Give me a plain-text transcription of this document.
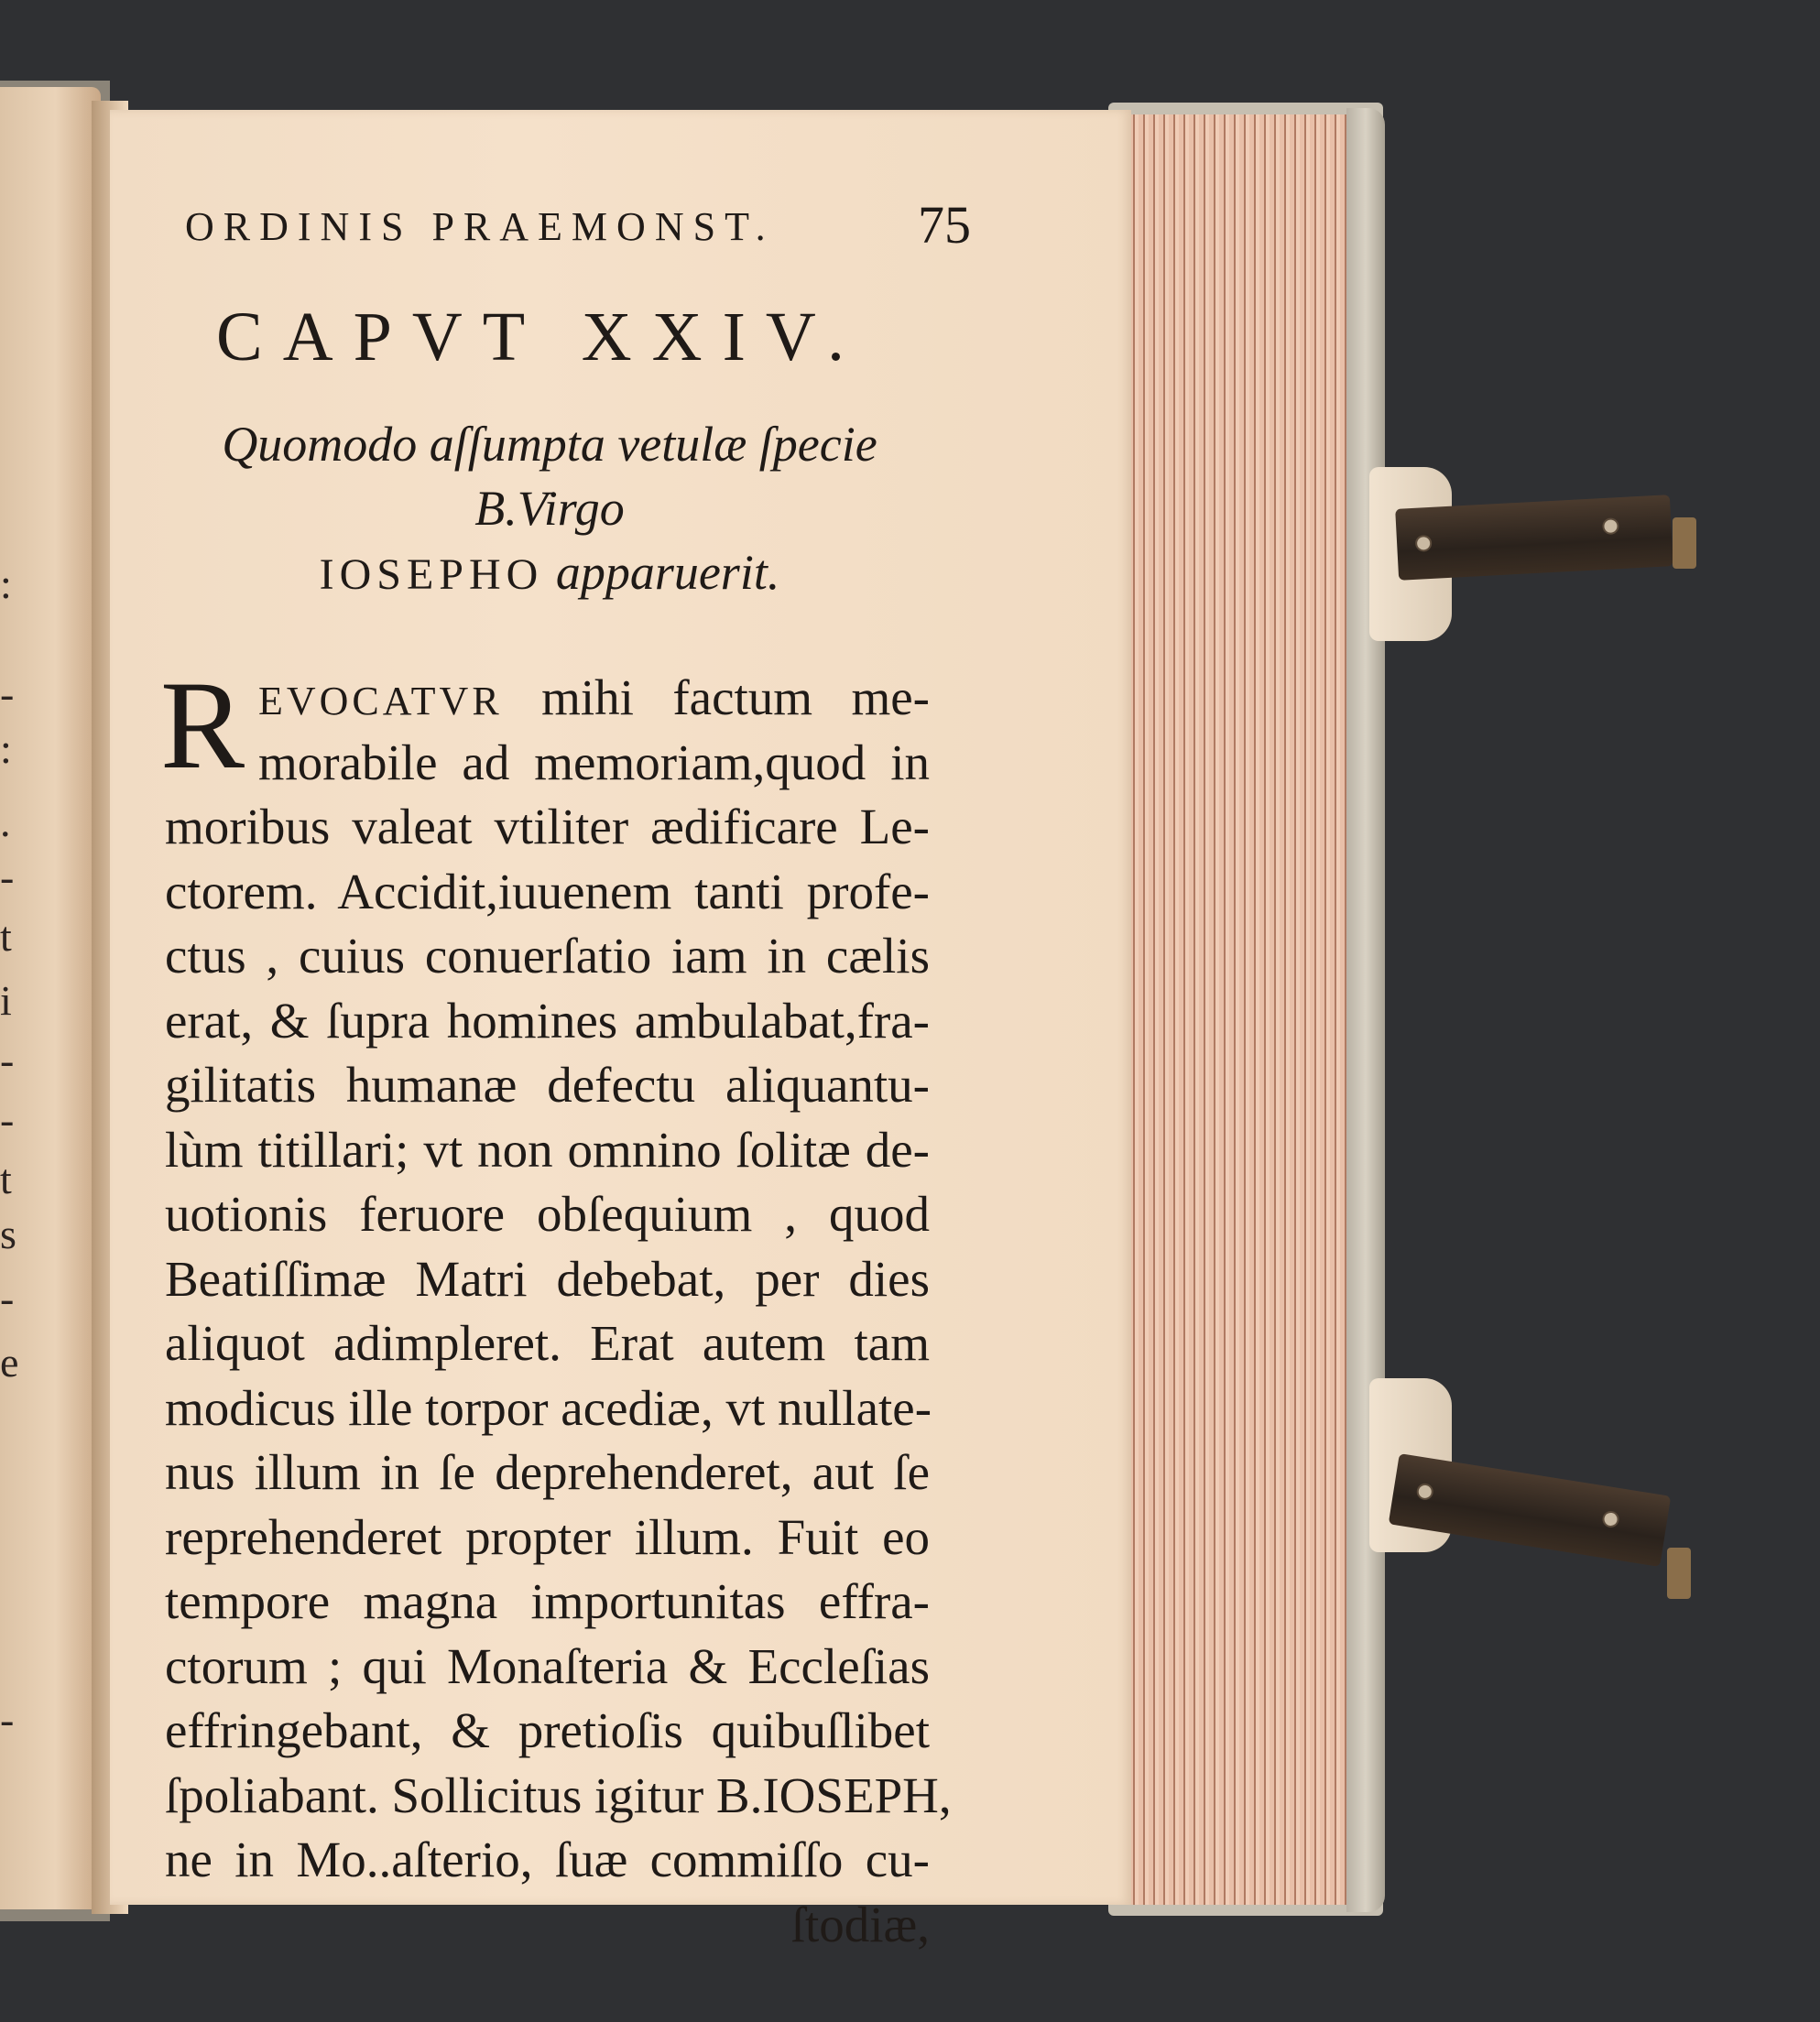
:
-
:
.
-
t
i
-
-
t
s
-
e
-
ORDINIS PRAEMONST.	75
CAPVT XXIV.
Quomodo aſſumpta vetulæ ſpecie B.Virgo
IOSEPHO apparuerit.
R EVOCATVR mihi factum me-
morabile ad memoriam,quod in
moribus valeat vtiliter ædificare Le-
ctorem. Accidit,iuuenem tanti profe-
ctus , cuius conuerſatio iam in cælis
erat, & ſupra homines ambulabat,fra-
gilitatis humanæ defectu aliquantu-
lùm titillari; vt non omnino ſolitæ de-
uotionis feruore obſequium , quod
Beatiſſimæ Matri debebat, per dies
aliquot adimpleret. Erat autem tam
modicus ille torpor acediæ, vt nullate-
nus illum in ſe deprehenderet, aut ſe
reprehenderet propter illum. Fuit eo
tempore magna importunitas effra-
ctorum ; qui Monaſteria & Eccleſias
effringebant, & pretioſis quibuſlibet
ſpoliabant. Sollicitus igitur B.IOSEPH,
ne in Mo..aſterio, ſuæ commiſſo cu-
ſtodiæ,
